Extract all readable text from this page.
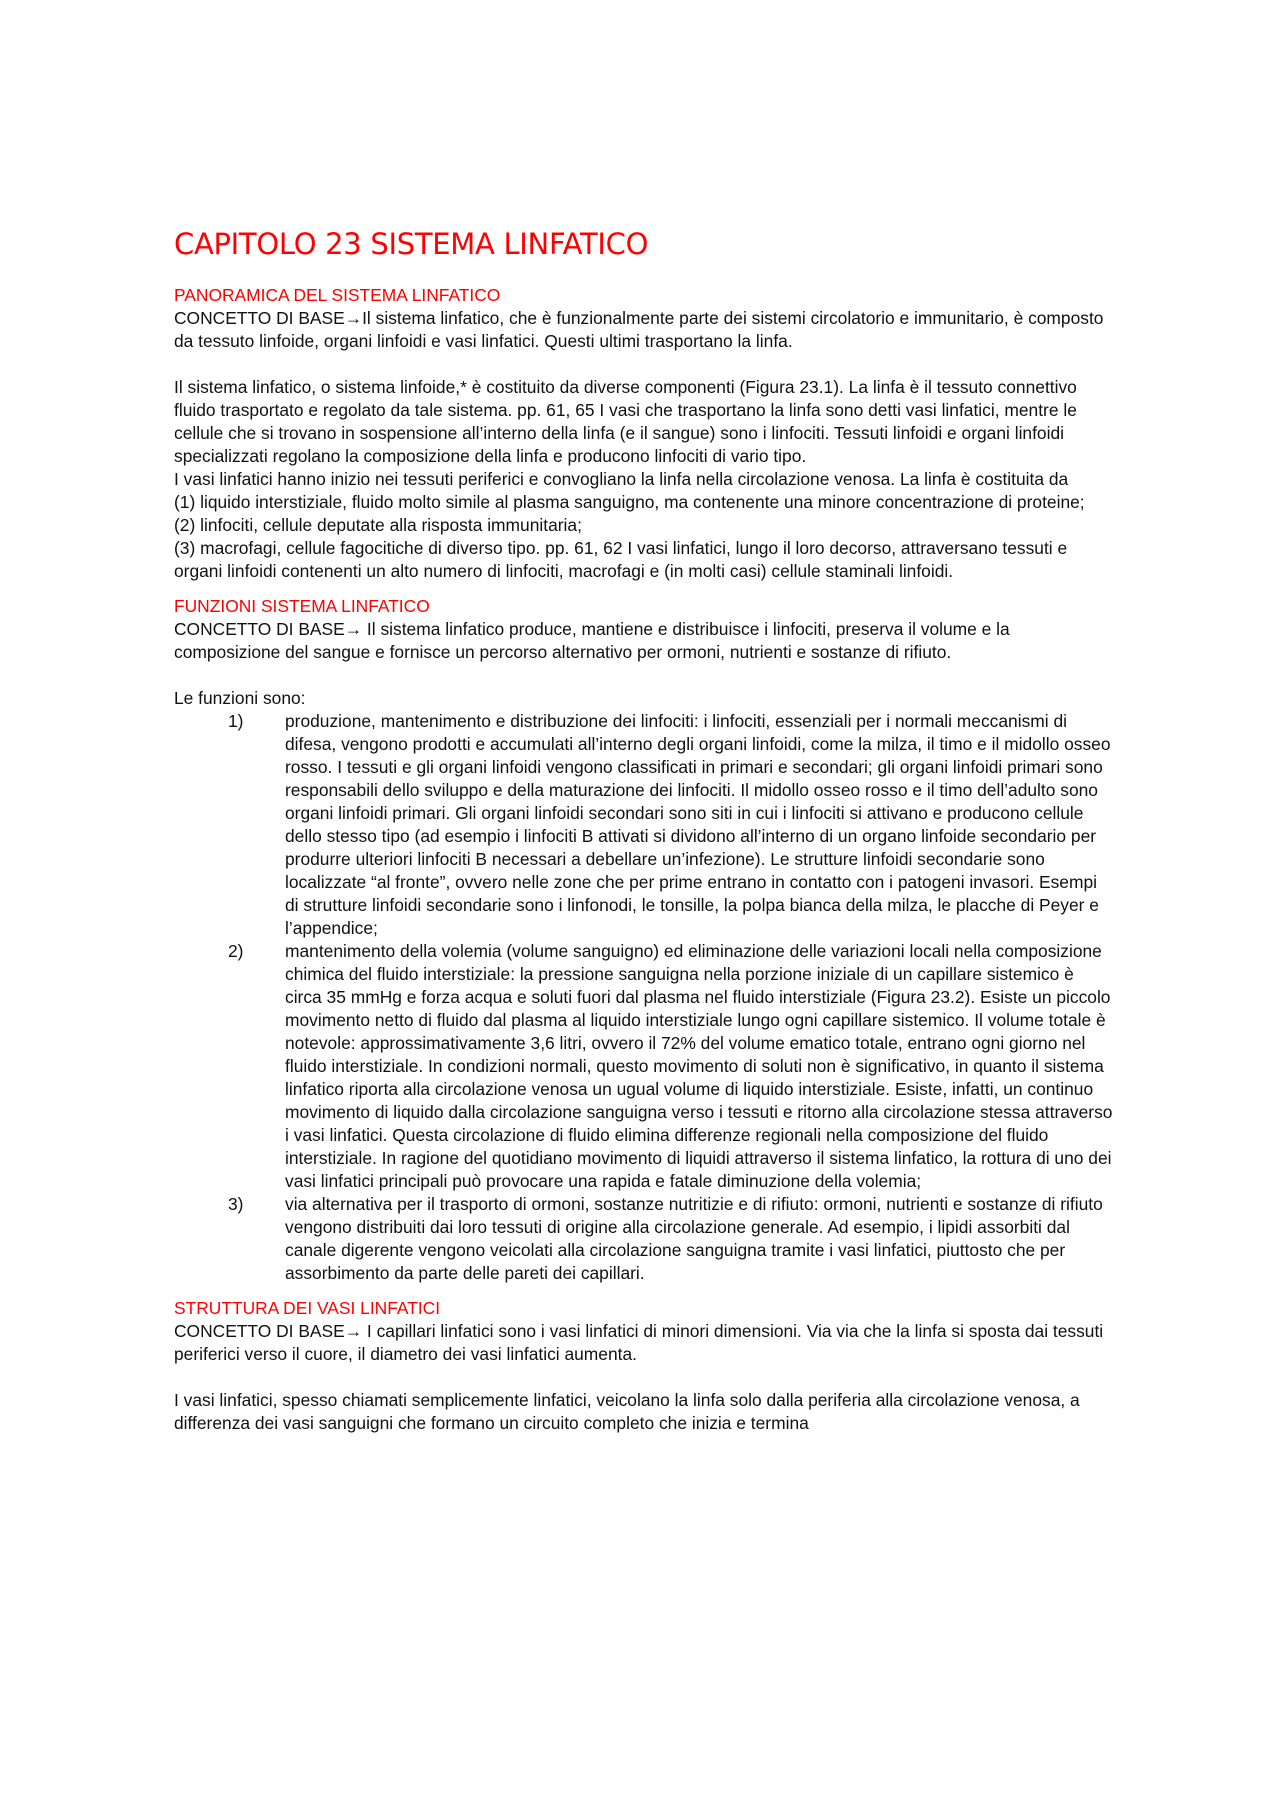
CAPITOLO 23 SISTEMA LINFATICO
PANORAMICA DEL SISTEMA LINFATICO

CONCETTO DI BASE→Il sistema linfatico, che è funzionalmente parte dei sistemi circolatorio e immunitario, è composto da tessuto linfoide, organi linfoidi e vasi linfatici. Questi ultimi trasportano la linfa.

Il sistema linfatico, o sistema linfoide,* è costituito da diverse componenti (Figura 23.1). La linfa è il tessuto connettivo fluido trasportato e regolato da tale sistema. pp. 61, 65 I vasi che trasportano la linfa sono detti vasi linfatici, mentre le cellule che si trovano in sospensione all’interno della linfa (e il sangue) sono i linfociti. Tessuti linfoidi e organi linfoidi specializzati regolano la composizione della linfa e producono linfociti di vario tipo.

I vasi linfatici hanno inizio nei tessuti periferici e convogliano la linfa nella circolazione venosa. La linfa è costituita da

(1) liquido interstiziale, fluido molto simile al plasma sanguigno, ma contenente una minore concentrazione di proteine;

(2) linfociti, cellule deputate alla risposta immunitaria;

(3) macrofagi, cellule fagocitiche di diverso tipo. pp. 61, 62 I vasi linfatici, lungo il loro decorso, attraversano tessuti e organi linfoidi contenenti un alto numero di linfociti, macrofagi e (in molti casi) cellule staminali linfoidi.

FUNZIONI SISTEMA LINFATICO

CONCETTO DI BASE→ Il sistema linfatico produce, mantiene e distribuisce i linfociti, preserva il volume e la composizione del sangue e fornisce un percorso alternativo per ormoni, nutrienti e sostanze di rifiuto.

Le funzioni sono:

1)	produzione, mantenimento e distribuzione dei linfociti: i linfociti, essenziali per i normali meccanismi di difesa, vengono prodotti e accumulati all’interno degli organi linfoidi, come la milza, il timo e il midollo osseo rosso. I tessuti e gli organi linfoidi vengono classificati in primari e secondari; gli organi linfoidi primari sono responsabili dello sviluppo e della maturazione dei linfociti. Il midollo osseo rosso e il timo dell’adulto sono organi linfoidi primari. Gli organi linfoidi secondari sono siti in cui i linfociti si attivano e producono cellule dello stesso tipo (ad esempio i linfociti B attivati si dividono all’interno di un organo linfoide secondario per produrre ulteriori linfociti B necessari a debellare un’infezione). Le strutture linfoidi secondarie sono localizzate “al fronte”, ovvero nelle zone che per prime entrano in contatto con i patogeni invasori. Esempi di strutture linfoidi secondarie sono i linfonodi, le tonsille, la polpa bianca della milza, le placche di Peyer e l’appendice;
2)	mantenimento della volemia (volume sanguigno) ed eliminazione delle variazioni locali nella composizione chimica del fluido interstiziale: la pressione sanguigna nella porzione iniziale di un capillare sistemico è circa 35 mmHg e forza acqua e soluti fuori dal plasma nel fluido interstiziale (Figura 23.2). Esiste un piccolo movimento netto di fluido dal plasma al liquido interstiziale lungo ogni capillare sistemico. Il volume totale è notevole: approssimativamente 3,6 litri, ovvero il 72% del volume ematico totale, entrano ogni giorno nel fluido interstiziale. In condizioni normali, questo movimento di soluti non è significativo, in quanto il sistema linfatico riporta alla circolazione venosa un ugual volume di liquido interstiziale. Esiste, infatti, un continuo movimento di liquido dalla circolazione sanguigna verso i tessuti e ritorno alla circolazione stessa attraverso i vasi linfatici. Questa circolazione di fluido elimina differenze regionali nella composizione del fluido interstiziale. In ragione del quotidiano movimento di liquidi attraverso il sistema linfatico, la rottura di uno dei vasi linfatici principali può provocare una rapida e fatale diminuzione della volemia;
3)	via alternativa per il trasporto di ormoni, sostanze nutritizie e di rifiuto: ormoni, nutrienti e sostanze di rifiuto vengono distribuiti dai loro tessuti di origine alla circolazione generale. Ad esempio, i lipidi assorbiti dal canale digerente vengono veicolati alla circolazione sanguigna tramite i vasi linfatici, piuttosto che per assorbimento da parte delle pareti dei capillari.
STRUTTURA DEI VASI LINFATICI

CONCETTO DI BASE→ I capillari linfatici sono i vasi linfatici di minori dimensioni. Via via che la linfa si sposta dai tessuti periferici verso il cuore, il diametro dei vasi linfatici aumenta.

I vasi linfatici, spesso chiamati semplicemente linfatici, veicolano la linfa solo dalla periferia alla circolazione venosa, a differenza dei vasi sanguigni che formano un circuito completo che inizia e termina
